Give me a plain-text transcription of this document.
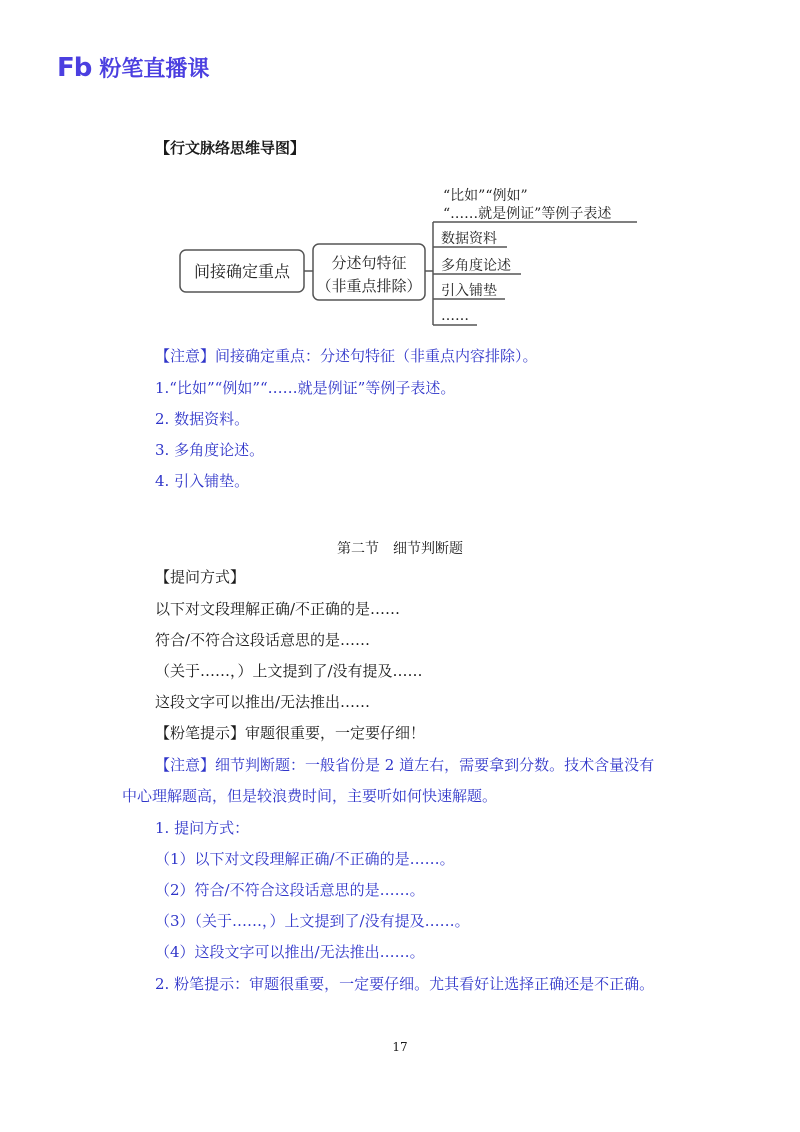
Fb 粉笔直播课
【行文脉络思维导图】
间接确定重点	分述句特征
（非重点排除）
“比如”“例如”
“……就是例证”等例子表述
数据资料
多角度论述
引入铺垫
……
【注意】间接确定重点：分述句特征（非重点内容排除）。
1.“比如”“例如”“……就是例证”等例子表述。
2. 数据资料。
3. 多角度论述。
4. 引入铺垫。
第二节　细节判断题
【提问方式】
以下对文段理解正确/不正确的是……
符合/不符合这段话意思的是……
（关于……，）上文提到了/没有提及……
这段文字可以推出/无法推出……
【粉笔提示】审题很重要，一定要仔细！
【注意】细节判断题：一般省份是 2 道左右，需要拿到分数。技术含量没有
中心理解题高，但是较浪费时间，主要听如何快速解题。
1. 提问方式：
（1）以下对文段理解正确/不正确的是……。
（2）符合/不符合这段话意思的是……。
（3）（关于……，）上文提到了/没有提及……。
（4）这段文字可以推出/无法推出……。
2. 粉笔提示：审题很重要，一定要仔细。尤其看好让选择正确还是不正确。
17
